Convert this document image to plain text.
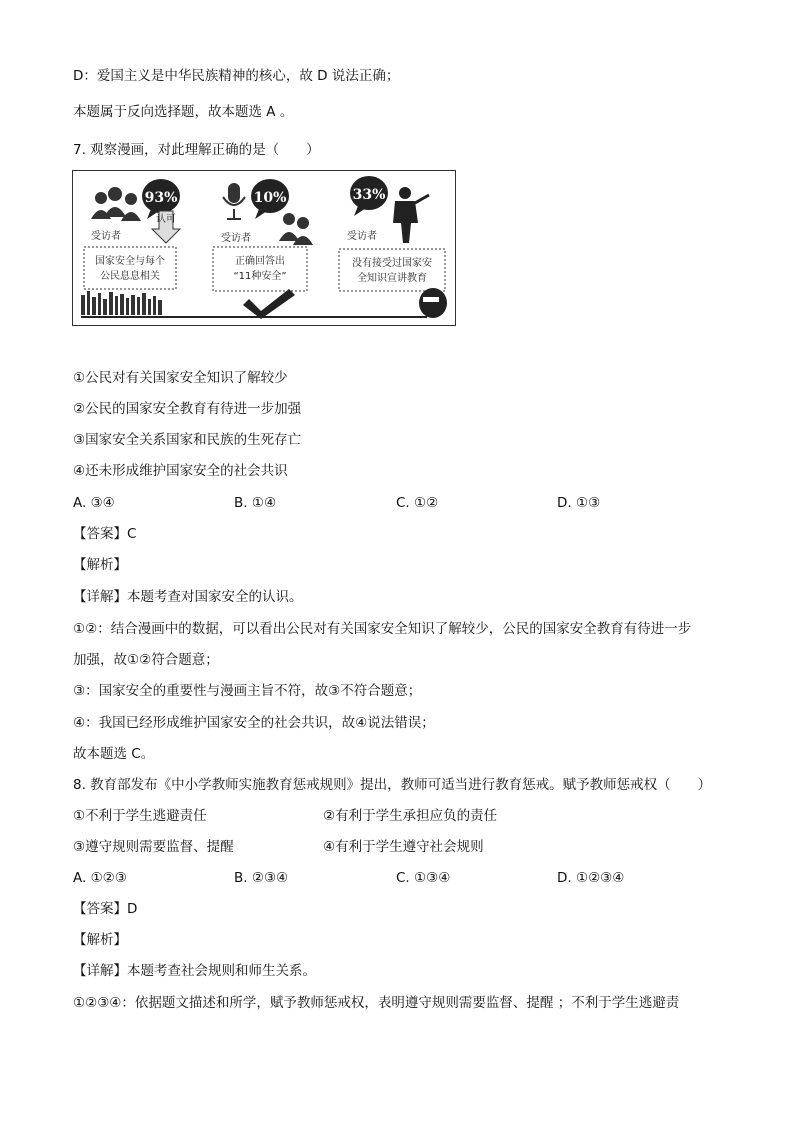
D：爱国主义是中华民族精神的核心，故 D 说法正确；
本题属于反向选择题，故本题选 A 。
7. 观察漫画，对此理解正确的是（　　）
93%
认可
受访者
国家安全与每个
公民息息相关
10%
受访者
正确回答出
“11种安全”
33%
受访者
没有接受过国家安
全知识宣讲教育
①公民对有关国家安全知识了解较少
②公民的国家安全教育有待进一步加强
③国家安全关系国家和民族的生死存亡
④还未形成维护国家安全的社会共识
A. ③④	B. ①④	C. ①②	D. ①③
【答案】C
【解析】
【详解】本题考查对国家安全的认识。
①②：结合漫画中的数据，可以看出公民对有关国家安全知识了解较少，公民的国家安全教育有待进一步
加强，故①②符合题意；
③：国家安全的重要性与漫画主旨不符，故③不符合题意；
④：我国已经形成维护国家安全的社会共识，故④说法错误；
故本题选 C。
8. 教育部发布《中小学教师实施教育惩戒规则》提出，教师可适当进行教育惩戒。赋予教师惩戒权（　　）
①不利于学生逃避责任	②有利于学生承担应负的责任
③遵守规则需要监督、提醒	④有利于学生遵守社会规则
A. ①②③	B. ②③④	C. ①③④	D. ①②③④
【答案】D
【解析】
【详解】本题考查社会规则和师生关系。
①②③④：依据题文描述和所学，赋予教师惩戒权，表明遵守规则需要监督、提醒 ；不利于学生逃避责
